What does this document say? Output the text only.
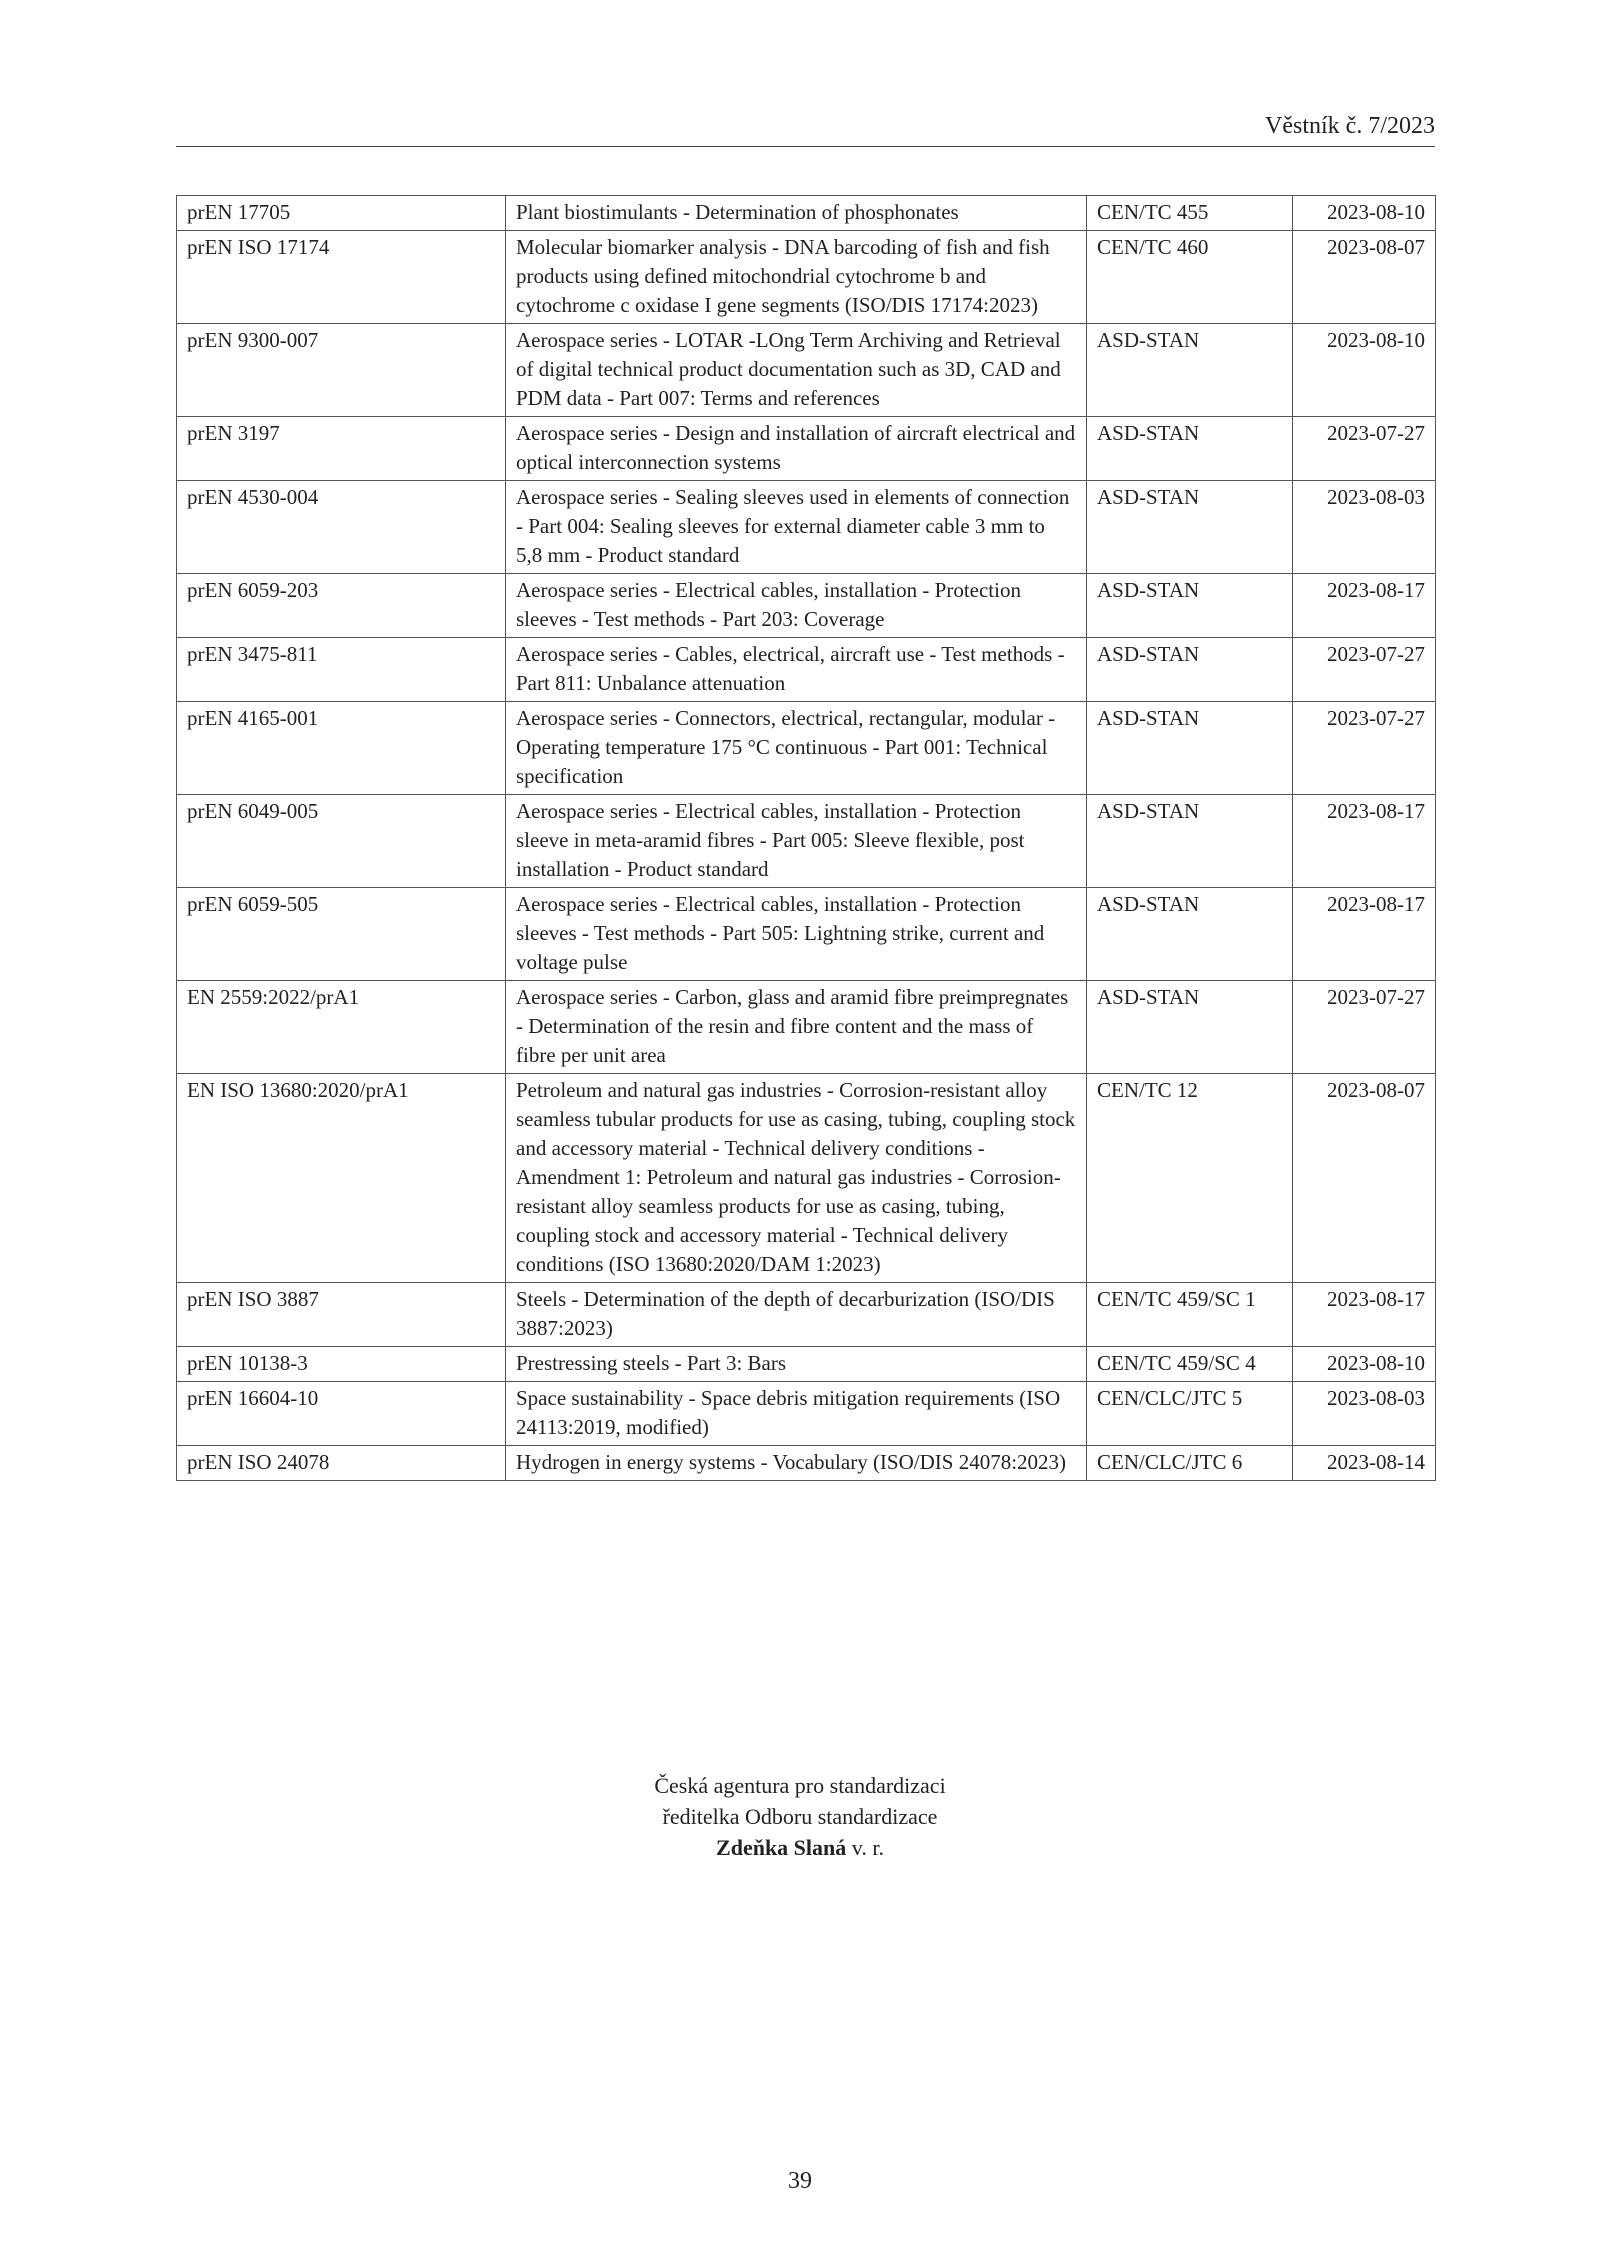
Věstník č. 7/2023
prEN 17705	Plant biostimulants - Determination of phosphonates	CEN/TC 455	2023-08-10
prEN ISO 17174	Molecular biomarker analysis - DNA barcoding of fish and fish products using defined mitochondrial cytochrome b and cytochrome c oxidase I gene segments (ISO/DIS 17174:2023)	CEN/TC 460	2023-08-07
prEN 9300-007	Aerospace series - LOTAR -LOng Term Archiving and Retrieval of digital technical product documentation such as 3D, CAD and PDM data - Part 007: Terms and references	ASD-STAN	2023-08-10
prEN 3197	Aerospace series - Design and installation of aircraft electrical and optical interconnection systems	ASD-STAN	2023-07-27
prEN 4530-004	Aerospace series - Sealing sleeves used in elements of connection - Part 004: Sealing sleeves for external diameter cable 3 mm to 5,8 mm - Product standard	ASD-STAN	2023-08-03
prEN 6059-203	Aerospace series - Electrical cables, installation - Protection sleeves - Test methods - Part 203: Coverage	ASD-STAN	2023-08-17
prEN 3475-811	Aerospace series - Cables, electrical, aircraft use - Test methods - Part 811: Unbalance attenuation	ASD-STAN	2023-07-27
prEN 4165-001	Aerospace series - Connectors, electrical, rectangular, modular - Operating temperature 175 °C continuous - Part 001: Technical specification	ASD-STAN	2023-07-27
prEN 6049-005	Aerospace series - Electrical cables, installation - Protection sleeve in meta-aramid fibres - Part 005: Sleeve flexible, post installation - Product standard	ASD-STAN	2023-08-17
prEN 6059-505	Aerospace series - Electrical cables, installation - Protection sleeves - Test methods - Part 505: Lightning strike, current and voltage pulse	ASD-STAN	2023-08-17
EN 2559:2022/prA1	Aerospace series - Carbon, glass and aramid fibre preimpregnates - Determination of the resin and fibre content and the mass of fibre per unit area	ASD-STAN	2023-07-27
EN ISO 13680:2020/prA1	Petroleum and natural gas industries - Corrosion-resistant alloy seamless tubular products for use as casing, tubing, coupling stock and accessory material - Technical delivery conditions - Amendment 1: Petroleum and natural gas industries - Corrosion-resistant alloy seamless products for use as casing, tubing, coupling stock and accessory material - Technical delivery conditions (ISO 13680:2020/DAM 1:2023)	CEN/TC 12	2023-08-07
prEN ISO 3887	Steels - Determination of the depth of decarburization (ISO/DIS 3887:2023)	CEN/TC 459/SC 1	2023-08-17
prEN 10138-3	Prestressing steels - Part 3: Bars	CEN/TC 459/SC 4	2023-08-10
prEN 16604-10	Space sustainability - Space debris mitigation requirements (ISO 24113:2019, modified)	CEN/CLC/JTC 5	2023-08-03
prEN ISO 24078	Hydrogen in energy systems - Vocabulary (ISO/DIS 24078:2023)	CEN/CLC/JTC 6	2023-08-14
Česká agentura pro standardizaci
ředitelka Odboru standardizace
Zdeňka Slaná v. r.
39
